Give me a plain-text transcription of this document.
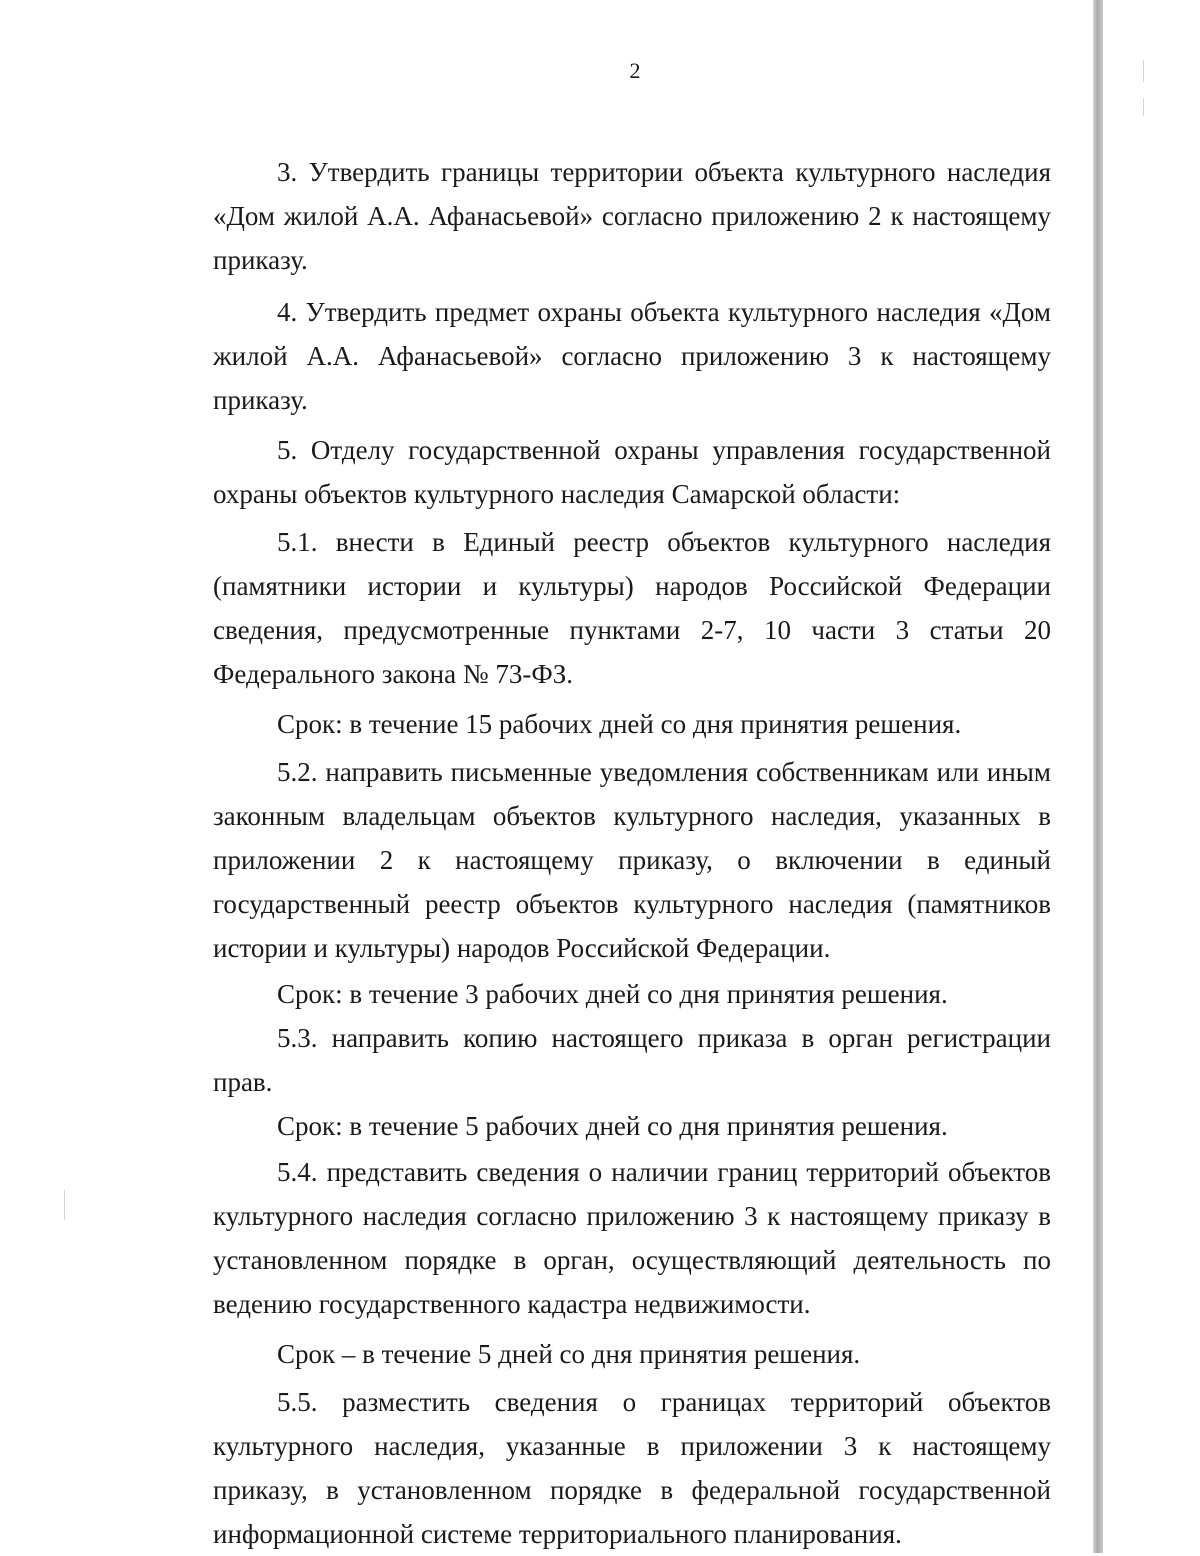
2

3. Утвердить границы территории объекта культурного наследия «Дом жилой А.А. Афанасьевой» согласно приложению 2 к настоящему приказу.

4. Утвердить предмет охраны объекта культурного наследия «Дом жилой А.А. Афанасьевой» согласно приложению 3 к настоящему приказу.

5. Отделу государственной охраны управления государственной охраны объектов культурного наследия Самарской области:

5.1. внести в Единый реестр объектов культурного наследия (памятники истории и культуры) народов Российской Федерации сведения, предусмотренные пунктами 2-7, 10 части 3 статьи 20 Федерального закона № 73-ФЗ.

Срок: в течение 15 рабочих дней со дня принятия решения.

5.2. направить письменные уведомления собственникам или иным законным владельцам объектов культурного наследия, указанных в приложении 2 к настоящему приказу, о включении в единый государственный реестр объектов культурного наследия (памятников истории и культуры) народов Российской Федерации.

Срок: в течение 3 рабочих дней со дня принятия решения.

5.3. направить копию настоящего приказа в орган регистрации прав.

Срок: в течение 5 рабочих дней со дня принятия решения.

5.4. представить сведения о наличии границ территорий объектов культурного наследия согласно приложению 3 к настоящему приказу в установленном порядке в орган, осуществляющий деятельность по ведению государственного кадастра недвижимости.

Срок – в течение 5 дней со дня принятия решения.

5.5. разместить сведения о границах территорий объектов культурного наследия, указанные в приложении 3 к настоящему приказу, в установленном порядке в федеральной государственной информационной системе территориального планирования.
